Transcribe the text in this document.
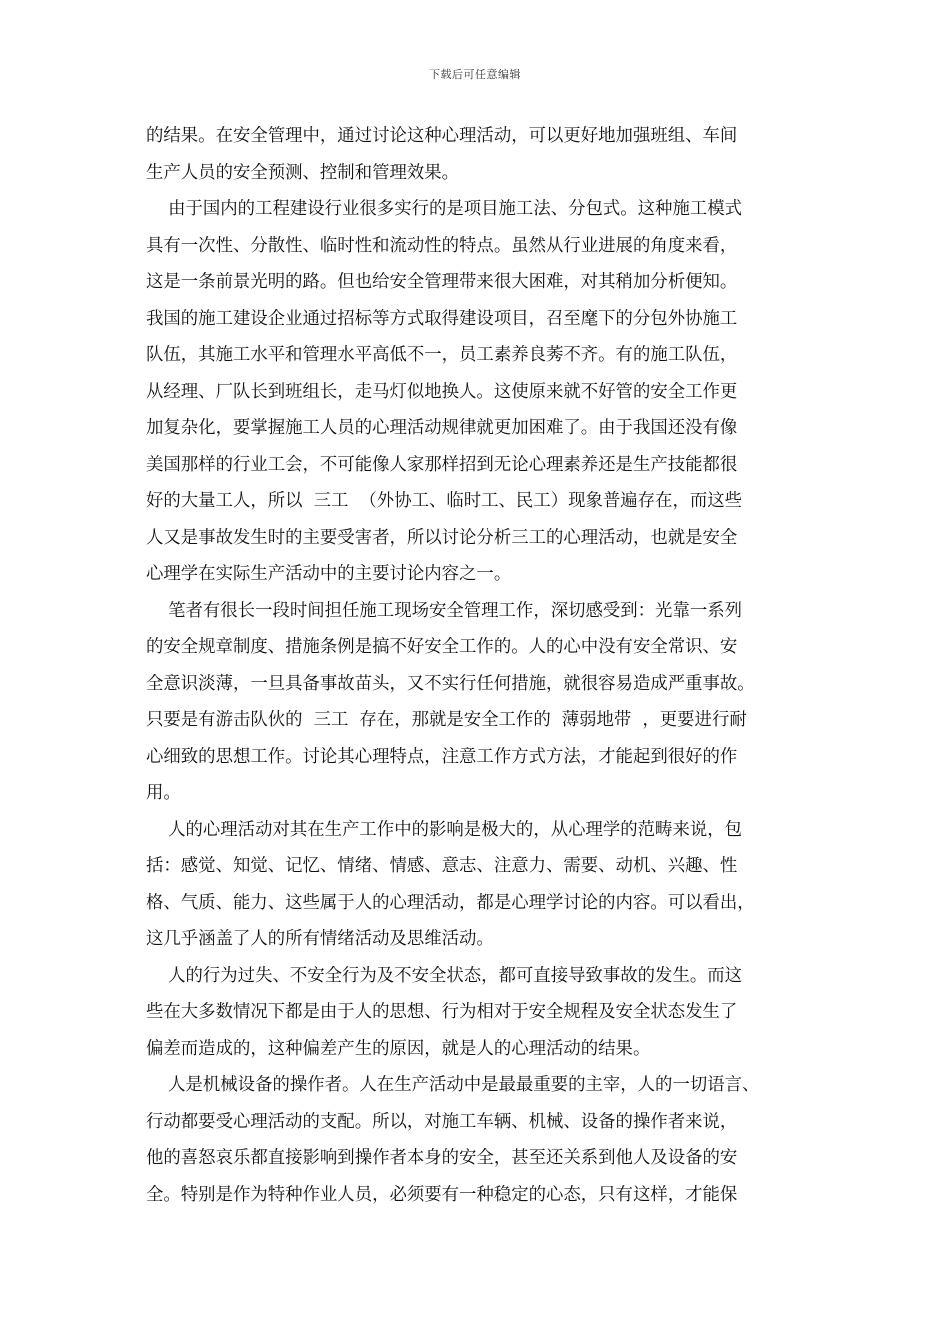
下载后可任意编辑
的结果。在安全管理中，通过讨论这种心理活动，可以更好地加强班组、车间
生产人员的安全预测、控制和管理效果。
由于国内的工程建设行业很多实行的是项目施工法、分包式。这种施工模式
具有一次性、分散性、临时性和流动性的特点。虽然从行业进展的角度来看，
这是一条前景光明的路。但也给安全管理带来很大困难，对其稍加分析便知。
我国的施工建设企业通过招标等方式取得建设项目，召至麾下的分包外协施工
队伍，其施工水平和管理水平高低不一，员工素养良莠不齐。有的施工队伍，
从经理、厂队长到班组长，走马灯似地换人。这使原来就不好管的安全工作更
加复杂化，要掌握施工人员的心理活动规律就更加困难了。由于我国还没有像
美国那样的行业工会，不可能像人家那样招到无论心理素养还是生产技能都很
好的大量工人，所以  三工  （外协工、临时工、民工）现象普遍存在，而这些
人又是事故发生时的主要受害者，所以讨论分析三工的心理活动，也就是安全
心理学在实际生产活动中的主要讨论内容之一。
笔者有很长一段时间担任施工现场安全管理工作，深切感受到：光靠一系列
的安全规章制度、措施条例是搞不好安全工作的。人的心中没有安全常识、安
全意识淡薄，一旦具备事故苗头，又不实行任何措施，就很容易造成严重事故。
只要是有游击队伙的  三工  存在，那就是安全工作的  薄弱地带  ，更要进行耐
心细致的思想工作。讨论其心理特点，注意工作方式方法，才能起到很好的作
用。
人的心理活动对其在生产工作中的影响是极大的，从心理学的范畴来说，包
括：感觉、知觉、记忆、情绪、情感、意志、注意力、需要、动机、兴趣、性
格、气质、能力、这些属于人的心理活动，都是心理学讨论的内容。可以看出，
这几乎涵盖了人的所有情绪活动及思维活动。
人的行为过失、不安全行为及不安全状态，都可直接导致事故的发生。而这
些在大多数情况下都是由于人的思想、行为相对于安全规程及安全状态发生了
偏差而造成的，这种偏差产生的原因，就是人的心理活动的结果。
人是机械设备的操作者。人在生产活动中是最最重要的主宰，人的一切语言、
行动都要受心理活动的支配。所以，对施工车辆、机械、设备的操作者来说，
他的喜怒哀乐都直接影响到操作者本身的安全，甚至还关系到他人及设备的安
全。特别是作为特种作业人员，必须要有一种稳定的心态，只有这样，才能保
